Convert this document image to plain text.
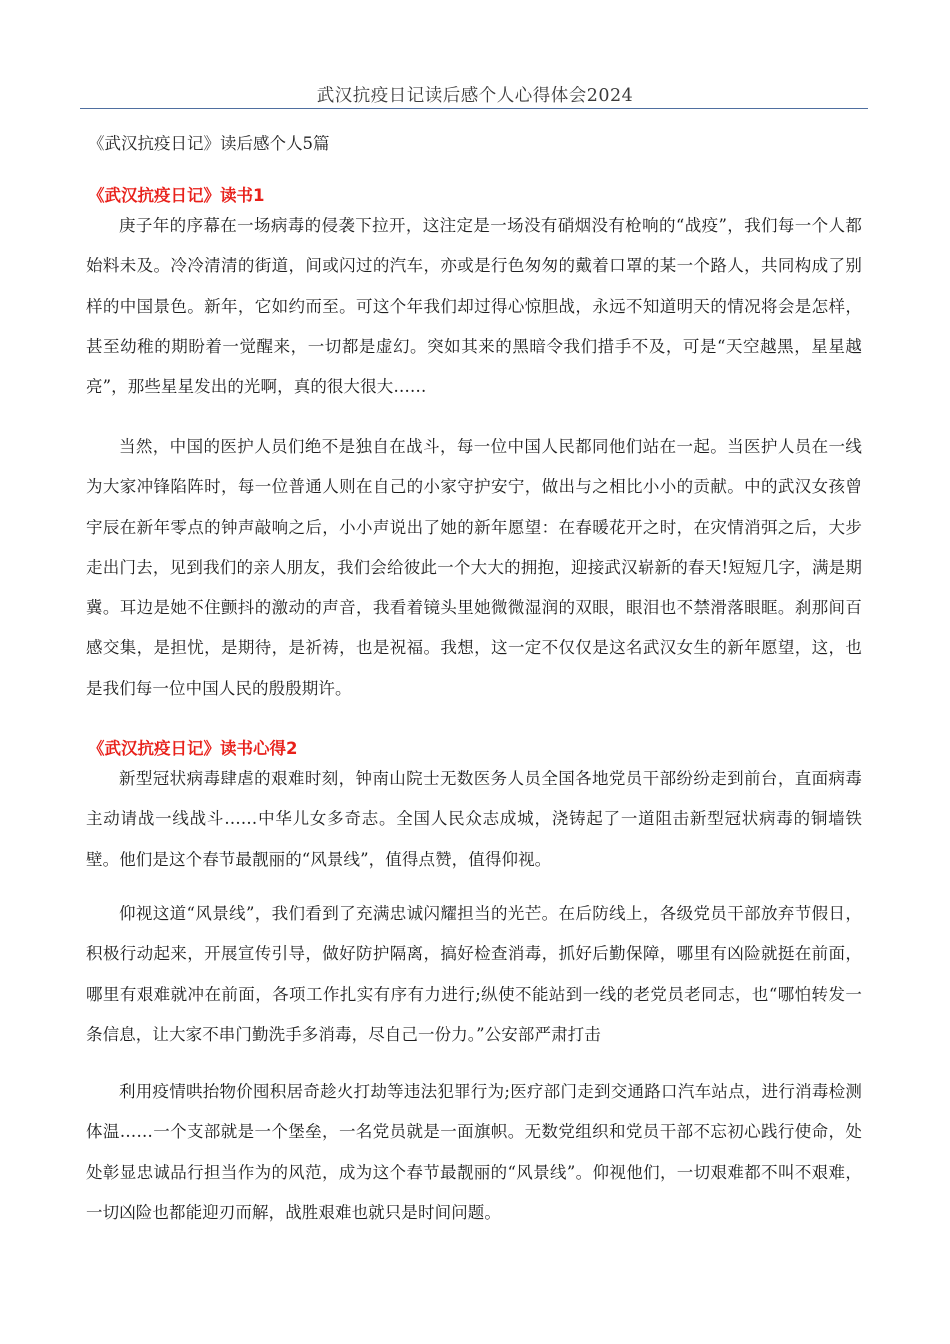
武汉抗疫日记读后感个人心得体会2024
《武汉抗疫日记》读后感个人5篇
《武汉抗疫日记》读书1
庚子年的序幕在一场病毒的侵袭下拉开，这注定是一场没有硝烟没有枪响的“战疫”，我们每一个人都始料未及。冷冷清清的街道，间或闪过的汽车，亦或是行色匆匆的戴着口罩的某一个路人，共同构成了别样的中国景色。新年，它如约而至。可这个年我们却过得心惊胆战，永远不知道明天的情况将会是怎样，甚至幼稚的期盼着一觉醒来，一切都是虚幻。突如其来的黑暗令我们措手不及，可是“天空越黑，星星越亮”，那些星星发出的光啊，真的很大很大……
当然，中国的医护人员们绝不是独自在战斗，每一位中国人民都同他们站在一起。当医护人员在一线为大家冲锋陷阵时，每一位普通人则在自己的小家守护安宁，做出与之相比小小的贡献。中的武汉女孩曾宇辰在新年零点的钟声敲响之后，小小声说出了她的新年愿望：在春暖花开之时，在灾情消弭之后，大步走出门去，见到我们的亲人朋友，我们会给彼此一个大大的拥抱，迎接武汉崭新的春天!短短几字，满是期冀。耳边是她不住颤抖的激动的声音，我看着镜头里她微微湿润的双眼，眼泪也不禁滑落眼眶。刹那间百感交集，是担忧，是期待，是祈祷，也是祝福。我想，这一定不仅仅是这名武汉女生的新年愿望，这，也是我们每一位中国人民的殷殷期许。
《武汉抗疫日记》读书心得2
新型冠状病毒肆虐的艰难时刻，钟南山院士无数医务人员全国各地党员干部纷纷走到前台，直面病毒主动请战一线战斗……中华儿女多奇志。全国人民众志成城，浇铸起了一道阻击新型冠状病毒的铜墙铁壁。他们是这个春节最靓丽的“风景线”，值得点赞，值得仰视。
仰视这道“风景线”，我们看到了充满忠诚闪耀担当的光芒。在后防线上，各级党员干部放弃节假日，积极行动起来，开展宣传引导，做好防护隔离，搞好检查消毒，抓好后勤保障，哪里有凶险就挺在前面，哪里有艰难就冲在前面，各项工作扎实有序有力进行;纵使不能站到一线的老党员老同志，也“哪怕转发一条信息，让大家不串门勤洗手多消毒，尽自己一份力。”公安部严肃打击
利用疫情哄抬物价囤积居奇趁火打劫等违法犯罪行为;医疗部门走到交通路口汽车站点，进行消毒检测体温……一个支部就是一个堡垒，一名党员就是一面旗帜。无数党组织和党员干部不忘初心践行使命，处处彰显忠诚品行担当作为的风范，成为这个春节最靓丽的“风景线”。仰视他们，一切艰难都不叫不艰难，一切凶险也都能迎刃而解，战胜艰难也就只是时间问题。
